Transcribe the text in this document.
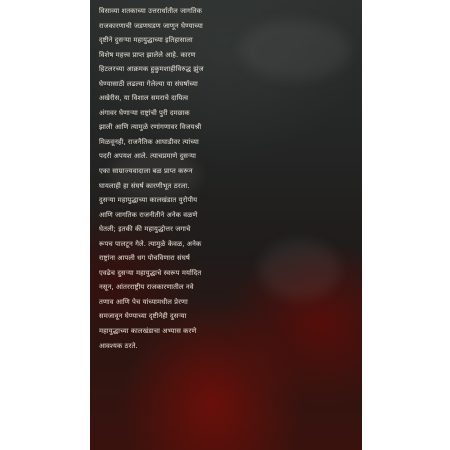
विसाव्या शतकाच्या उत्तरार्धातील जागतिक
राजकारणाची जडणघडण जाणून घेण्याच्या
दृष्टीने दुसऱ्या महायुद्धाच्या इतिहासाला
विशेष महत्त्व प्राप्त झालेले आहे. कारण
हिटलरच्या आक्रमक हुकुमशाहीविरुद्ध झुंज
घेण्यासाठी लढल्या गेलेल्या या संघर्षाच्या
अखेरीस, या विशाल समराचे दायित्व
अंगावर घेणाऱ्या राष्ट्रांची पुरी दमछाक
झाली आणि त्यामुळे रणांगणावर विजयश्री
मिळवूनही, राजनैतिक आघाडीवर त्यांच्या
पदरी अपयश आले. त्याचप्रमाणे दुसऱ्या
एका साम्राज्यवादाला बळ प्राप्त करून
घायलाही हा संघर्ष कारणीभूत ठरला.
दुसऱ्या महायुद्धाच्या कालखंडात युरोपीय
आणि जागतिक राजनीतीने अनेक वळणे
घेतली; इतकी की महायुद्धोत्तर जगाचे
रूपच पालटून गेले. त्यामुळे केवळ, अनेक
राष्ट्रांना आपली धग पोचविणारा संघर्ष
एवढेच दुसऱ्या महायुद्धाचे स्वरूप मर्यादित
नसून, आंतरराष्ट्रीय राजकारणातील नवे
तणाव आणि पेच यांच्यामधील प्रेरणा
समजावून घेण्याच्या दृष्टीनेही दुसऱ्या
महायुद्धाच्या कालखंडाचा अभ्यास करणे
आवश्यक ठरते.
